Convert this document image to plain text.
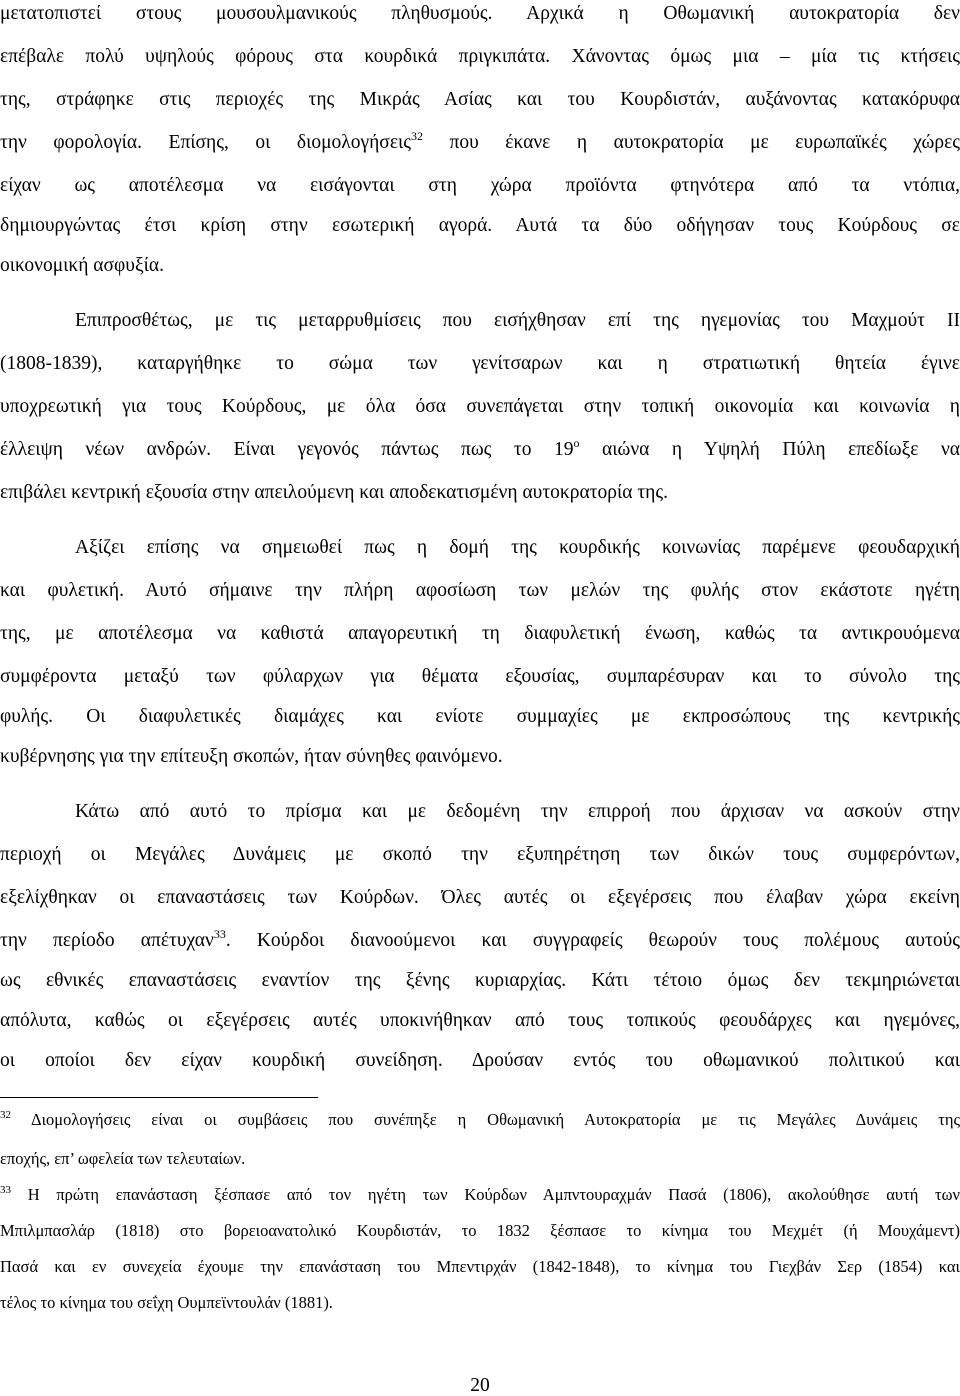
μετατοπιστεί στους μουσουλμανικούς πληθυσμούς. Αρχικά η Οθωμανική αυτοκρατορία δεν

επέβαλε πολύ υψηλούς φόρους στα κουρδικά πριγκιπάτα. Χάνοντας όμως μια – μία τις κτήσεις

της, στράφηκε στις περιοχές της Μικράς Ασίας και του Κουρδιστάν, αυξάνοντας κατακόρυφα

την φορολογία. Επίσης, οι διομολογήσεις$^{32}$ που έκανε η αυτοκρατορία με ευρωπαϊκές χώρες

είχαν ως αποτέλεσμα να εισάγονται στη χώρα προϊόντα φτηνότερα από τα ντόπια,

δημιουργώντας έτσι κρίση στην εσωτερική αγορά. Αυτά τα δύο οδήγησαν τους Κούρδους σε

οικονομική ασφυξία.

Επιπροσθέτως, με τις μεταρρυθμίσεις που εισήχθησαν επί της ηγεμονίας του Μαχμούτ ΙΙ

(1808-1839), καταργήθηκε το σώμα των γενίτσαρων και η στρατιωτική θητεία έγινε

υποχρεωτική για τους Κούρδους, με όλα όσα συνεπάγεται στην τοπική οικονομία και κοινωνία η

έλλειψη νέων ανδρών. Είναι γεγονός πάντως πως το $19^o$ αιώνα η Υψηλή Πύλη επεδίωξε να

επιβάλει κεντρική εξουσία στην απειλούμενη και αποδεκατισμένη αυτοκρατορία της.

Αξίζει επίσης να σημειωθεί πως η δομή της κουρδικής κοινωνίας παρέμενε φεουδαρχική

και φυλετική. Αυτό σήμαινε την πλήρη αφοσίωση των μελών της φυλής στον εκάστοτε ηγέτη

της, με αποτέλεσμα να καθιστά απαγορευτική τη διαφυλετική ένωση, καθώς τα αντικρουόμενα

συμφέροντα μεταξύ των φύλαρχων για θέματα εξουσίας, συμπαρέσυραν και το σύνολο της

φυλής. Οι διαφυλετικές διαμάχες και ενίοτε συμμαχίες με εκπροσώπους της κεντρικής

κυβέρνησης για την επίτευξη σκοπών, ήταν σύνηθες φαινόμενο.

Κάτω από αυτό το πρίσμα και με δεδομένη την επιρροή που άρχισαν να ασκούν στην

περιοχή οι Μεγάλες Δυνάμεις με σκοπό την εξυπηρέτηση των δικών τους συμφερόντων,

εξελίχθηκαν οι επαναστάσεις των Κούρδων. Όλες αυτές οι εξεγέρσεις που έλαβαν χώρα εκείνη

την περίοδο απέτυχαν$^{33}$. Κούρδοι διανοούμενοι και συγγραφείς θεωρούν τους πολέμους αυτούς

ως εθνικές επαναστάσεις εναντίον της ξένης κυριαρχίας. Κάτι τέτοιο όμως δεν τεκμηριώνεται

απόλυτα, καθώς οι εξεγέρσεις αυτές υποκινήθηκαν από τους τοπικούς φεουδάρχες και ηγεμόνες,

οι οποίοι δεν είχαν κουρδική συνείδηση. Δρούσαν εντός του οθωμανικού πολιτικού και

$^{32}$ Διομολογήσεις είναι οι συμβάσεις που συνέπηξε η Οθωμανική Αυτοκρατορία με τις Μεγάλες Δυνάμεις της

εποχής, επ’ ωφελεία των τελευταίων.

$^{33}$ Η πρώτη επανάσταση ξέσπασε από τον ηγέτη των Κούρδων Αμπντουραχμάν Πασά (1806), ακολούθησε αυτή των

Μπιλμπασλάρ (1818) στο βορειοανατολικό Κουρδιστάν, το 1832 ξέσπασε το κίνημα του Μεχμέτ (ή Μουχάμεντ)

Πασά και εν συνεχεία έχουμε την επανάσταση του Μπεντιρχάν (1842-1848), το κίνημα του Γιεχβάν Σερ (1854) και

τέλος το κίνημα του σεΐχη Ουμπεϊντουλάν (1881).

20
